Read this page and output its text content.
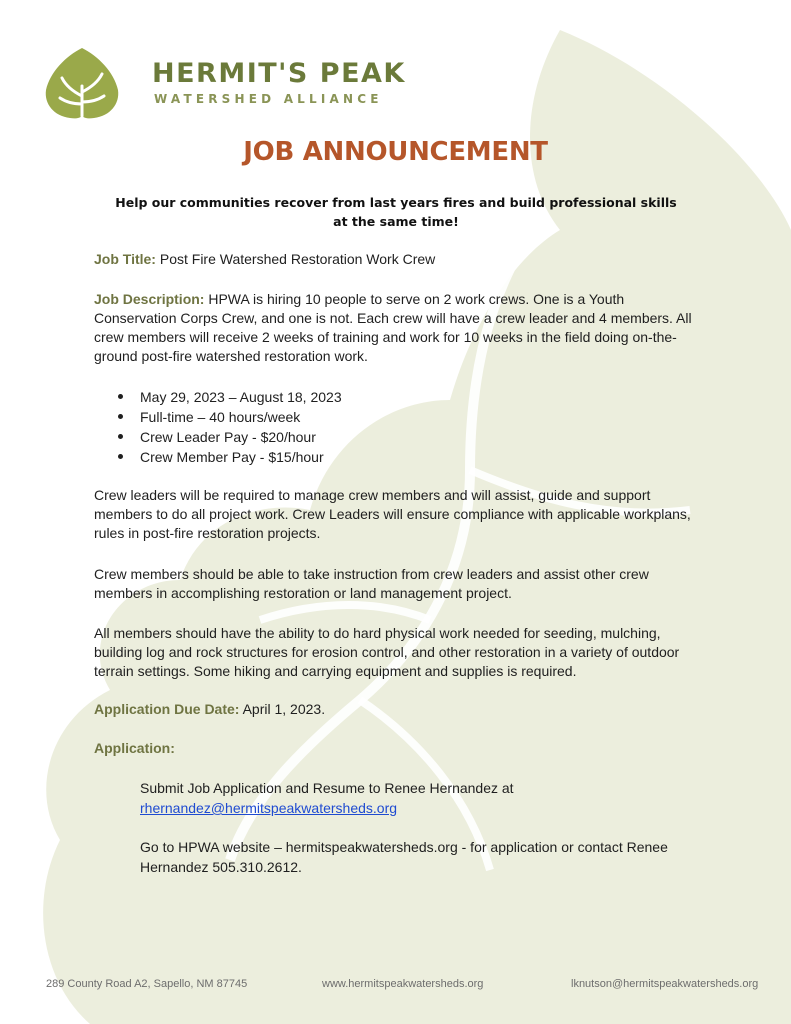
HERMIT'S PEAK
WATERSHED ALLIANCE
JOB ANNOUNCEMENT
Help our communities recover from last years fires and build professional skills at the same time!
Job Title: Post Fire Watershed Restoration Work Crew
Job Description: HPWA is hiring 10 people to serve on 2 work crews. One is a Youth Conservation Corps Crew, and one is not. Each crew will have a crew leader and 4 members. All crew members will receive 2 weeks of training and work for 10 weeks in the field doing on-the-ground post-fire watershed restoration work.
May 29, 2023 – August 18, 2023
Full-time – 40 hours/week
Crew Leader Pay - $20/hour
Crew Member Pay - $15/hour
Crew leaders will be required to manage crew members and will assist, guide and support members to do all project work. Crew Leaders will ensure compliance with applicable workplans, rules in post-fire restoration projects.
Crew members should be able to take instruction from crew leaders and assist other crew members in accomplishing restoration or land management project.
All members should have the ability to do hard physical work needed for seeding, mulching, building log and rock structures for erosion control, and other restoration in a variety of outdoor terrain settings. Some hiking and carrying equipment and supplies is required.
Application Due Date: April 1, 2023.
Application:
Submit Job Application and Resume to Renee Hernandez at
rhernandez@hermitspeakwatersheds.org
Go to HPWA website – hermitspeakwatersheds.org - for application or contact Renee Hernandez 505.310.2612.
289 County Road A2, Sapello, NM 87745	www.hermitspeakwatersheds.org	lknutson@hermitspeakwatersheds.org
